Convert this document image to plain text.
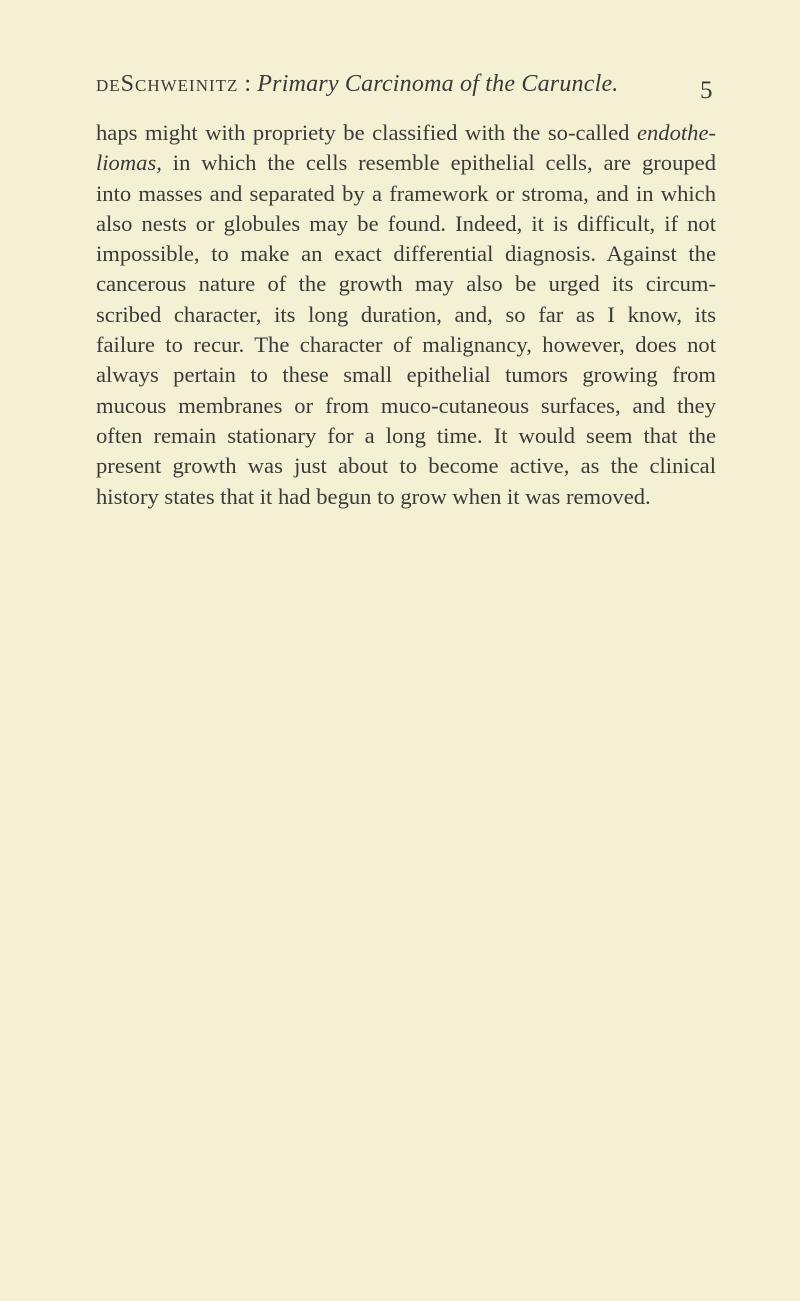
deSchweinitz : Primary Carcinoma of the Caruncle.	5
haps might with propriety be classified with the so-called endothe-
liomas, in which the cells resemble epithelial cells, are grouped
into masses and separated by a framework or stroma, and in which
also nests or globules may be found. Indeed, it is difficult, if not
impossible, to make an exact differential diagnosis. Against the
cancerous nature of the growth may also be urged its circum-
scribed character, its long duration, and, so far as I know, its
failure to recur. The character of malignancy, however, does not
always pertain to these small epithelial tumors growing from
mucous membranes or from muco-cutaneous surfaces, and they
often remain stationary for a long time. It would seem that the
present growth was just about to become active, as the clinical
history states that it had begun to grow when it was removed.
